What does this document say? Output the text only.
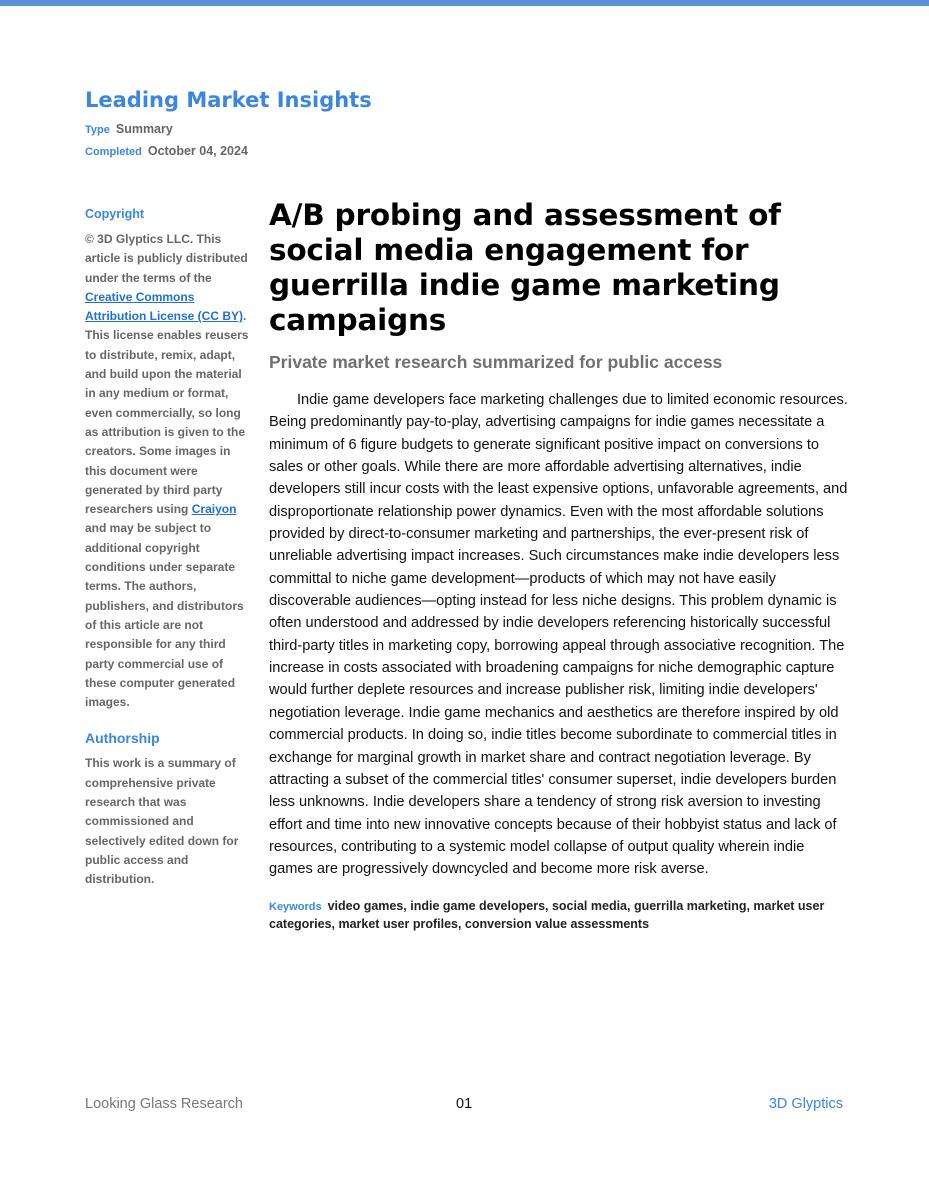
Leading Market Insights
Type Summary
Completed October 04, 2024
Copyright

© 3D Glyptics LLC. This article is publicly distributed under the terms of the Creative Commons Attribution License (CC BY). This license enables reusers to distribute, remix, adapt, and build upon the material in any medium or format, even commercially, so long as attribution is given to the creators. Some images in this document were generated by third party researchers using Craiyon and may be subject to additional copyright conditions under separate terms. The authors, publishers, and distributors of this article are not responsible for any third party commercial use of these computer generated images.

Authorship

This work is a summary of comprehensive private research that was commissioned and selectively edited down for public access and distribution.

A/B probing and assessment of social media engagement for guerrilla indie game marketing campaigns
Private market research summarized for public access

Indie game developers face marketing challenges due to limited economic resources. Being predominantly pay-to-play, advertising campaigns for indie games necessitate a minimum of 6 figure budgets to generate significant positive impact on conversions to sales or other goals. While there are more affordable advertising alternatives, indie developers still incur costs with the least expensive options, unfavorable agreements, and disproportionate relationship power dynamics. Even with the most affordable solutions provided by direct-to-consumer marketing and partnerships, the ever-present risk of unreliable advertising impact increases. Such circumstances make indie developers less committal to niche game development—products of which may not have easily discoverable audiences—opting instead for less niche designs. This problem dynamic is often understood and addressed by indie developers referencing historically successful third-party titles in marketing copy, borrowing appeal through associative recognition. The increase in costs associated with broadening campaigns for niche demographic capture would further deplete resources and increase publisher risk, limiting indie developers' negotiation leverage. Indie game mechanics and aesthetics are therefore inspired by old commercial products. In doing so, indie titles become subordinate to commercial titles in exchange for marginal growth in market share and contract negotiation leverage. By attracting a subset of the commercial titles' consumer superset, indie developers burden less unknowns. Indie developers share a tendency of strong risk aversion to investing effort and time into new innovative concepts because of their hobbyist status and lack of resources, contributing to a systemic model collapse of output quality wherein indie games are progressively downcycled and become more risk averse.

Keywords video games, indie game developers, social media, guerrilla marketing, market user categories, market user profiles, conversion value assessments
Looking Glass Research	01	3D Glyptics
